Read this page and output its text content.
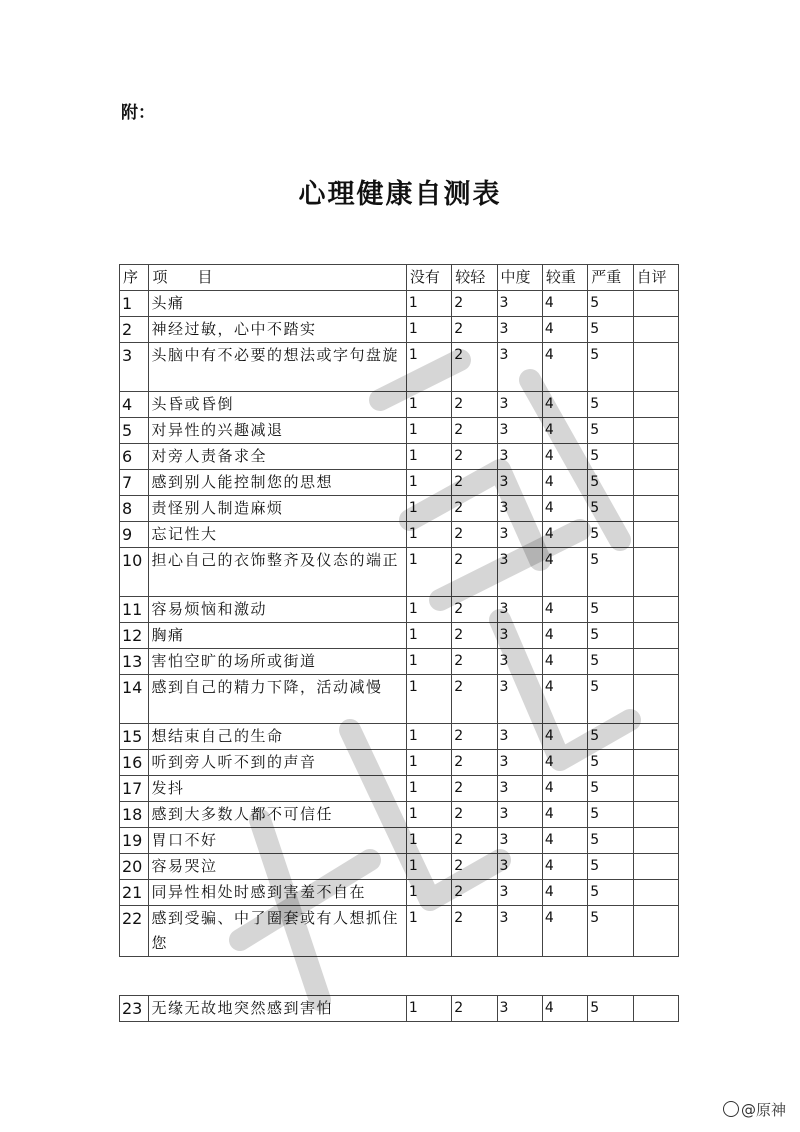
附：
心理健康自测表
序	项　　目	没有	较轻	中度	较重	严重	自评
1	头痛	1	2	3	4	5	
2	神经过敏，心中不踏实	1	2	3	4	5	
3	头脑中有不必要的想法或字句盘旋	1	2	3	4	5	
4	头昏或昏倒	1	2	3	4	5	
5	对异性的兴趣减退	1	2	3	4	5	
6	对旁人责备求全	1	2	3	4	5	
7	感到别人能控制您的思想	1	2	3	4	5	
8	责怪别人制造麻烦	1	2	3	4	5	
9	忘记性大	1	2	3	4	5	
10	担心自己的衣饰整齐及仪态的端正	1	2	3	4	5	
11	容易烦恼和激动	1	2	3	4	5	
12	胸痛	1	2	3	4	5	
13	害怕空旷的场所或街道	1	2	3	4	5	
14	感到自己的精力下降，活动减慢	1	2	3	4	5	
15	想结束自己的生命	1	2	3	4	5	
16	听到旁人听不到的声音	1	2	3	4	5	
17	发抖	1	2	3	4	5	
18	感到大多数人都不可信任	1	2	3	4	5	
19	胃口不好	1	2	3	4	5	
20	容易哭泣	1	2	3	4	5	
21	同异性相处时感到害羞不自在	1	2	3	4	5	
22	感到受骗、中了圈套或有人想抓住您	1	2	3	4	5	
23	无缘无故地突然感到害怕	1	2	3	4	5	
@原神
